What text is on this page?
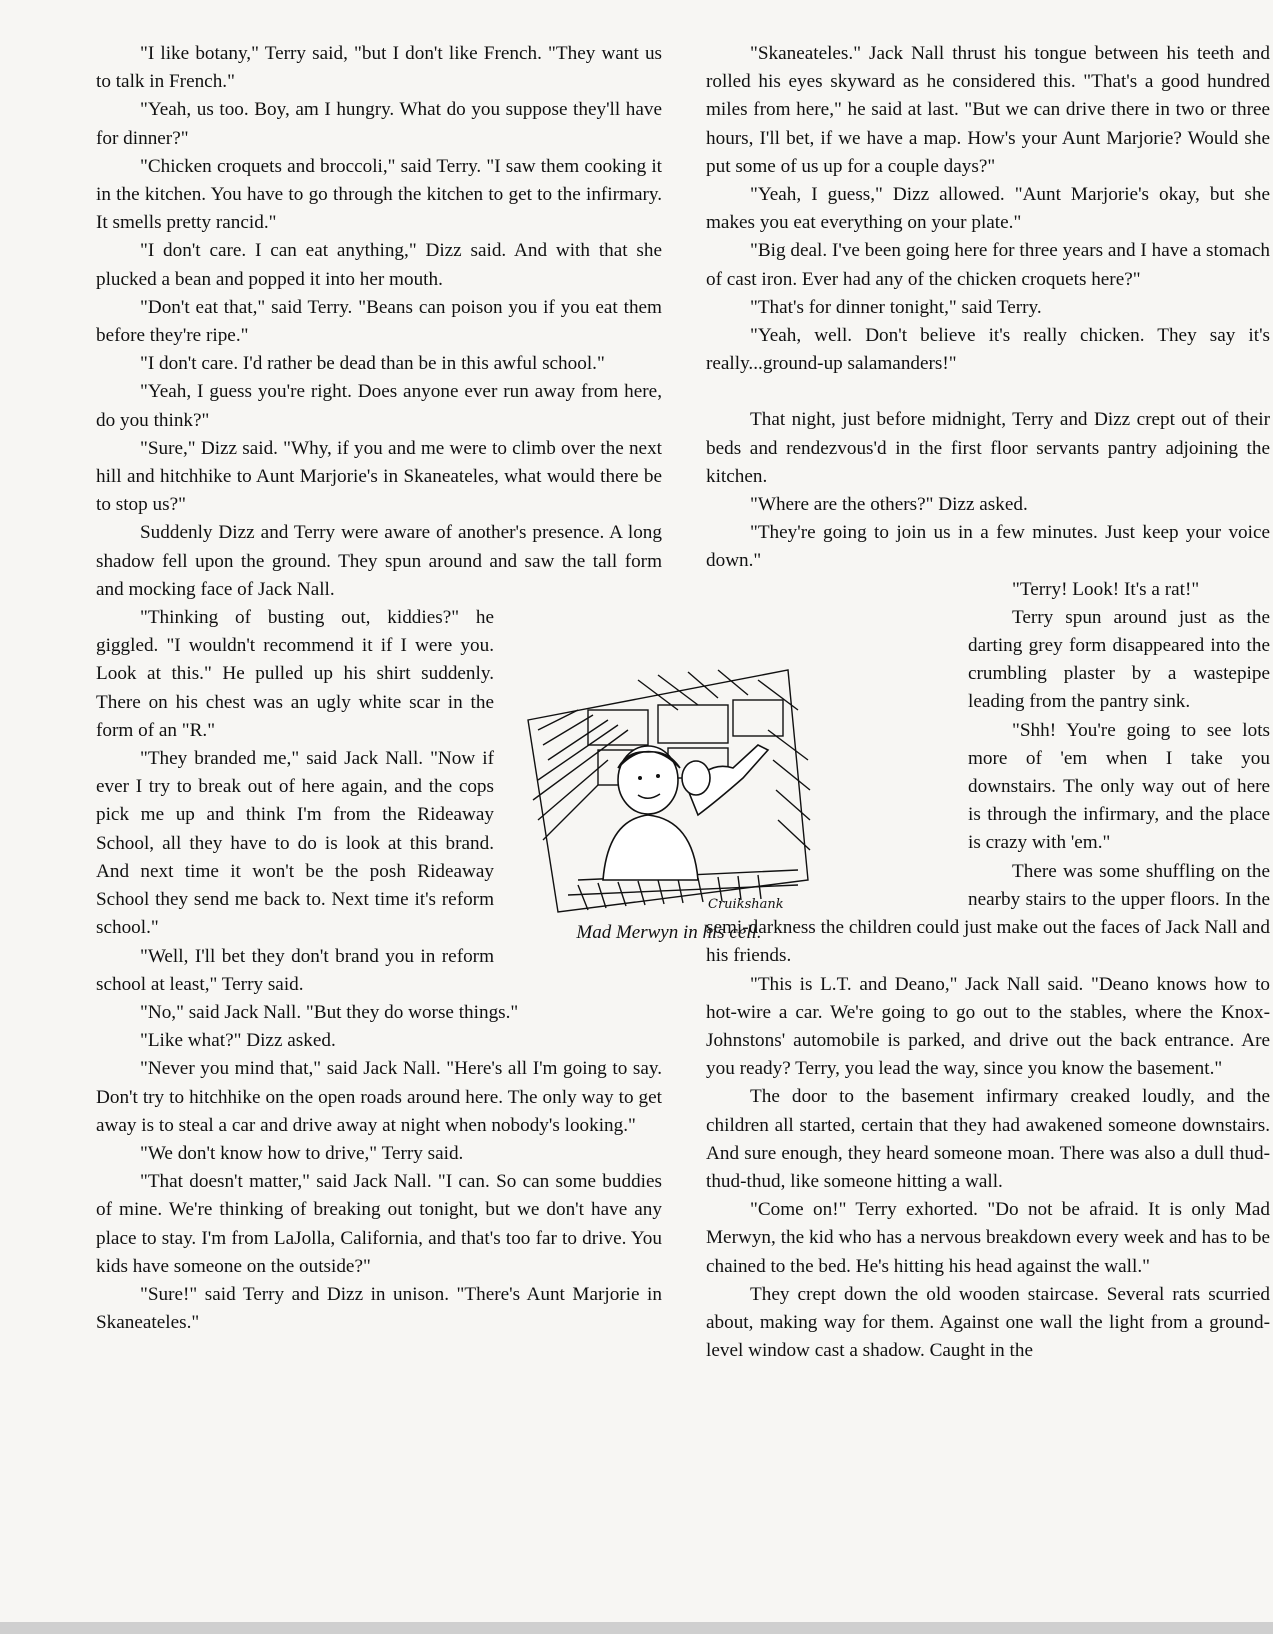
"I like botany," Terry said, "but I don't like French. "They want us to talk in French."

"Yeah, us too. Boy, am I hungry. What do you suppose they'll have for dinner?"

"Chicken croquets and broccoli," said Terry. "I saw them cooking it in the kitchen. You have to go through the kitchen to get to the infirmary. It smells pretty rancid."

"I don't care. I can eat anything," Dizz said. And with that she plucked a bean and popped it into her mouth.

"Don't eat that," said Terry. "Beans can poison you if you eat them before they're ripe."

"I don't care. I'd rather be dead than be in this awful school."

"Yeah, I guess you're right. Does anyone ever run away from here, do you think?"

"Sure," Dizz said. "Why, if you and me were to climb over the next hill and hitchhike to Aunt Marjorie's in Skaneateles, what would there be to stop us?"

Suddenly Dizz and Terry were aware of another's presence. A long shadow fell upon the ground. They spun around and saw the tall form and mocking face of Jack Nall.

"Thinking of busting out, kiddies?" he giggled. "I wouldn't recommend it if I were you. Look at this." He pulled up his shirt suddenly. There on his chest was an ugly white scar in the form of an "R."

"They branded me," said Jack Nall. "Now if ever I try to break out of here again, and the cops pick me up and think I'm from the Rideaway School, all they have to do is look at this brand. And next time it won't be the posh Rideaway School they send me back to. Next time it's reform school."

"Well, I'll bet they don't brand you in reform school at least," Terry said.

"No," said Jack Nall. "But they do worse things."

"Like what?" Dizz asked.

"Never you mind that," said Jack Nall. "Here's all I'm going to say. Don't try to hitchhike on the open roads around here. The only way to get away is to steal a car and drive away at night when nobody's looking."

"We don't know how to drive," Terry said.

"That doesn't matter," said Jack Nall. "I can. So can some buddies of mine. We're thinking of breaking out tonight, but we don't have any place to stay. I'm from LaJolla, California, and that's too far to drive. You kids have someone on the outside?"

"Sure!" said Terry and Dizz in unison. "There's Aunt Marjorie in Skaneateles."

"Skaneateles." Jack Nall thrust his tongue between his teeth and rolled his eyes skyward as he considered this. "That's a good hundred miles from here," he said at last. "But we can drive there in two or three hours, I'll bet, if we have a map. How's your Aunt Marjorie? Would she put some of us up for a couple days?"

"Yeah, I guess," Dizz allowed. "Aunt Marjorie's okay, but she makes you eat everything on your plate."

"Big deal. I've been going here for three years and I have a stomach of cast iron. Ever had any of the chicken croquets here?"

"That's for dinner tonight," said Terry.

"Yeah, well. Don't believe it's really chicken. They say it's really...ground-up salamanders!"

That night, just before midnight, Terry and Dizz crept out of their beds and rendezvous'd in the first floor servants pantry adjoining the kitchen.

"Where are the others?" Dizz asked.

"They're going to join us in a few minutes. Just keep your voice down."

"Terry! Look! It's a rat!"

Terry spun around just as the darting grey form disappeared into the crumbling plaster by a wastepipe leading from the pantry sink.

"Shh! You're going to see lots more of 'em when I take you downstairs. The only way out of here is through the infirmary, and the place is crazy with 'em."

There was some shuffling on the nearby stairs to the upper floors. In the semi-darkness the children could just make out the faces of Jack Nall and his friends.

"This is L.T. and Deano," Jack Nall said. "Deano knows how to hot-wire a car. We're going to go out to the stables, where the Knox-Johnstons' automobile is parked, and drive out the back entrance. Are you ready? Terry, you lead the way, since you know the basement."

The door to the basement infirmary creaked loudly, and the children all started, certain that they had awakened someone downstairs. And sure enough, they heard someone moan. There was also a dull thud-thud-thud, like someone hitting a wall.

"Come on!" Terry exhorted. "Do not be afraid. It is only Mad Merwyn, the kid who has a nervous breakdown every week and has to be chained to the bed. He's hitting his head against the wall."

They crept down the old wooden staircase. Several rats scurried about, making way for them. Against one wall the light from a ground-level window cast a shadow. Caught in the

Cruikshank
Mad Merwyn in his cell.
